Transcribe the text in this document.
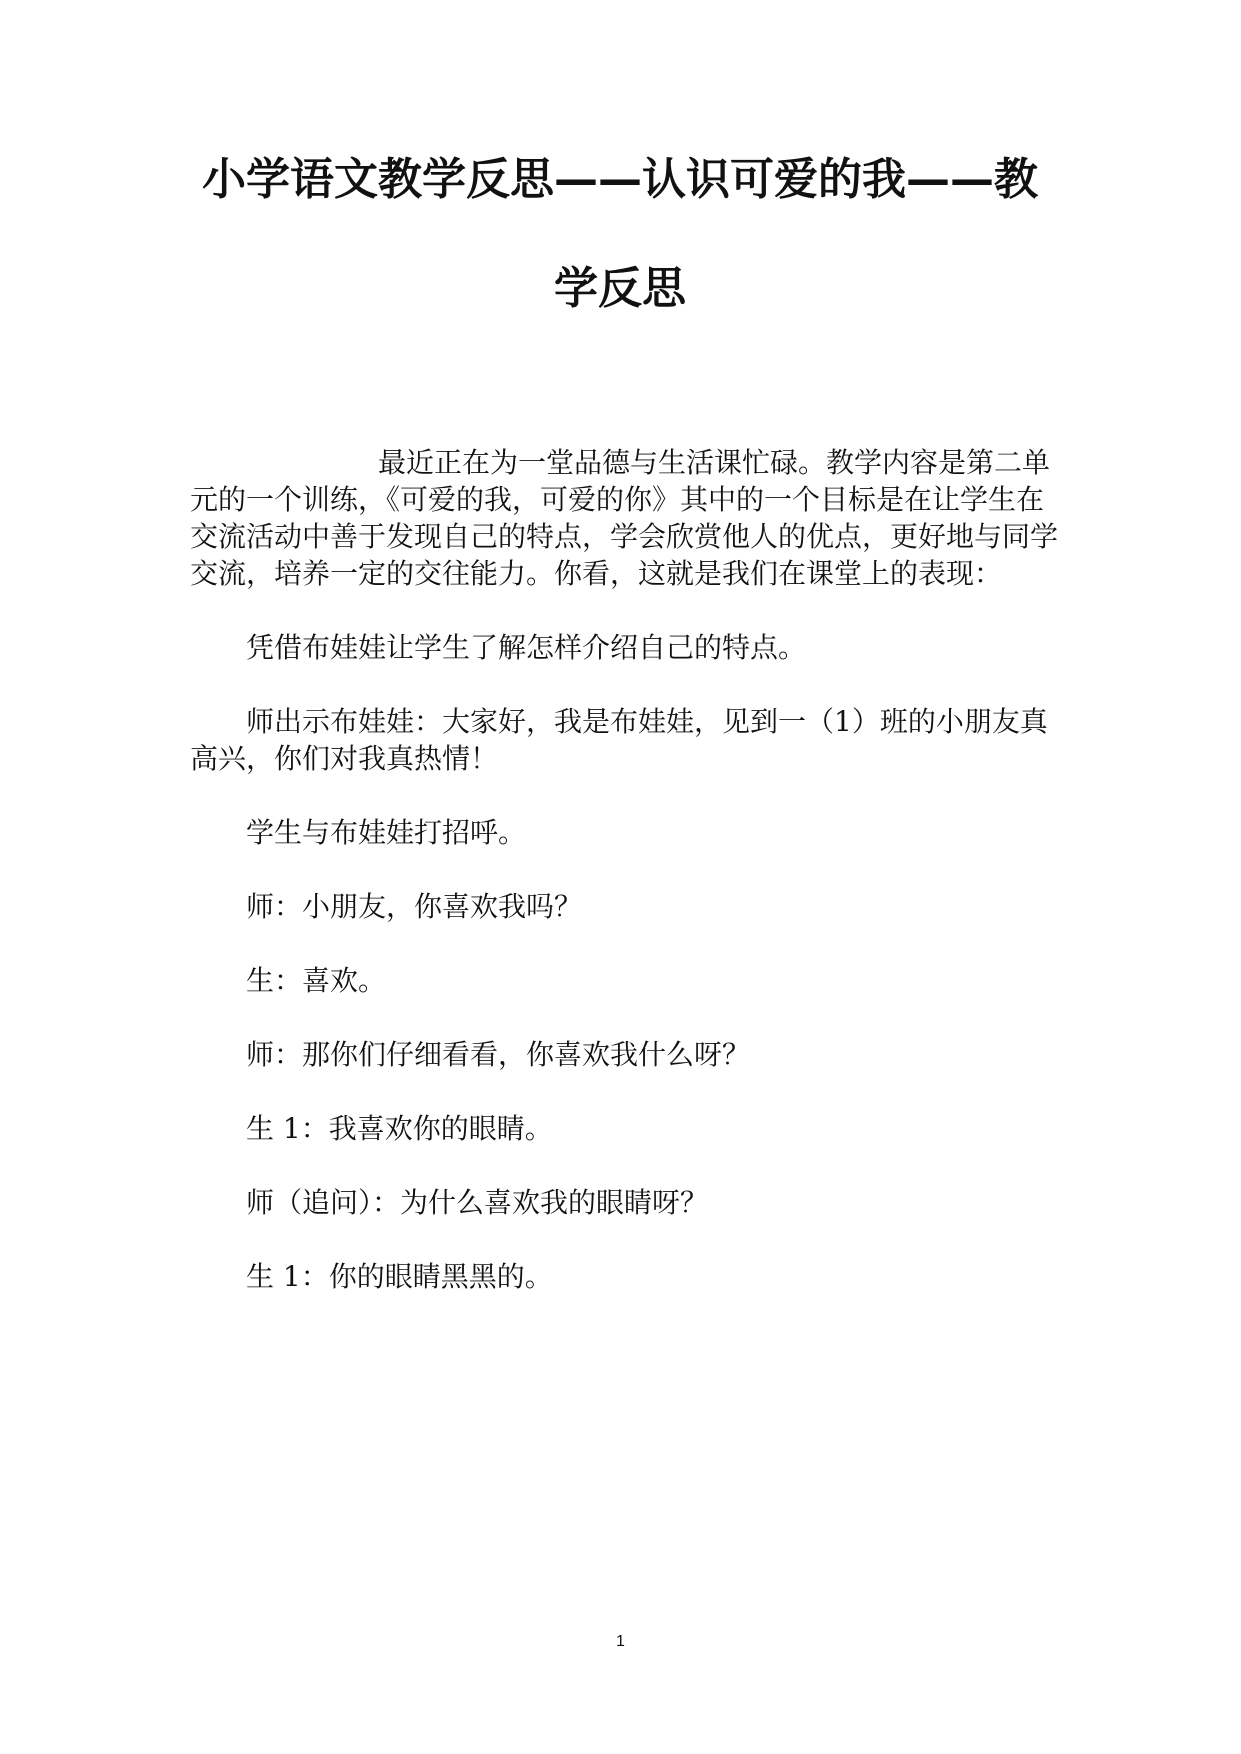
小学语文教学反思——认识可爱的我——教
学反思

最近正在为一堂品德与生活课忙碌。教学内容是第二单元的一个训练，《可爱的我，可爱的你》其中的一个目标是在让学生在交流活动中善于发现自己的特点，学会欣赏他人的优点，更好地与同学交流，培养一定的交往能力。你看，这就是我们在课堂上的表现：

凭借布娃娃让学生了解怎样介绍自己的特点。

师出示布娃娃：大家好，我是布娃娃，见到一（1）班的小朋友真高兴，你们对我真热情！

学生与布娃娃打招呼。

师：小朋友，你喜欢我吗？

生：喜欢。

师：那你们仔细看看，你喜欢我什么呀？

生 1：我喜欢你的眼睛。

师（追问）：为什么喜欢我的眼睛呀？

生 1：你的眼睛黑黑的。

1
